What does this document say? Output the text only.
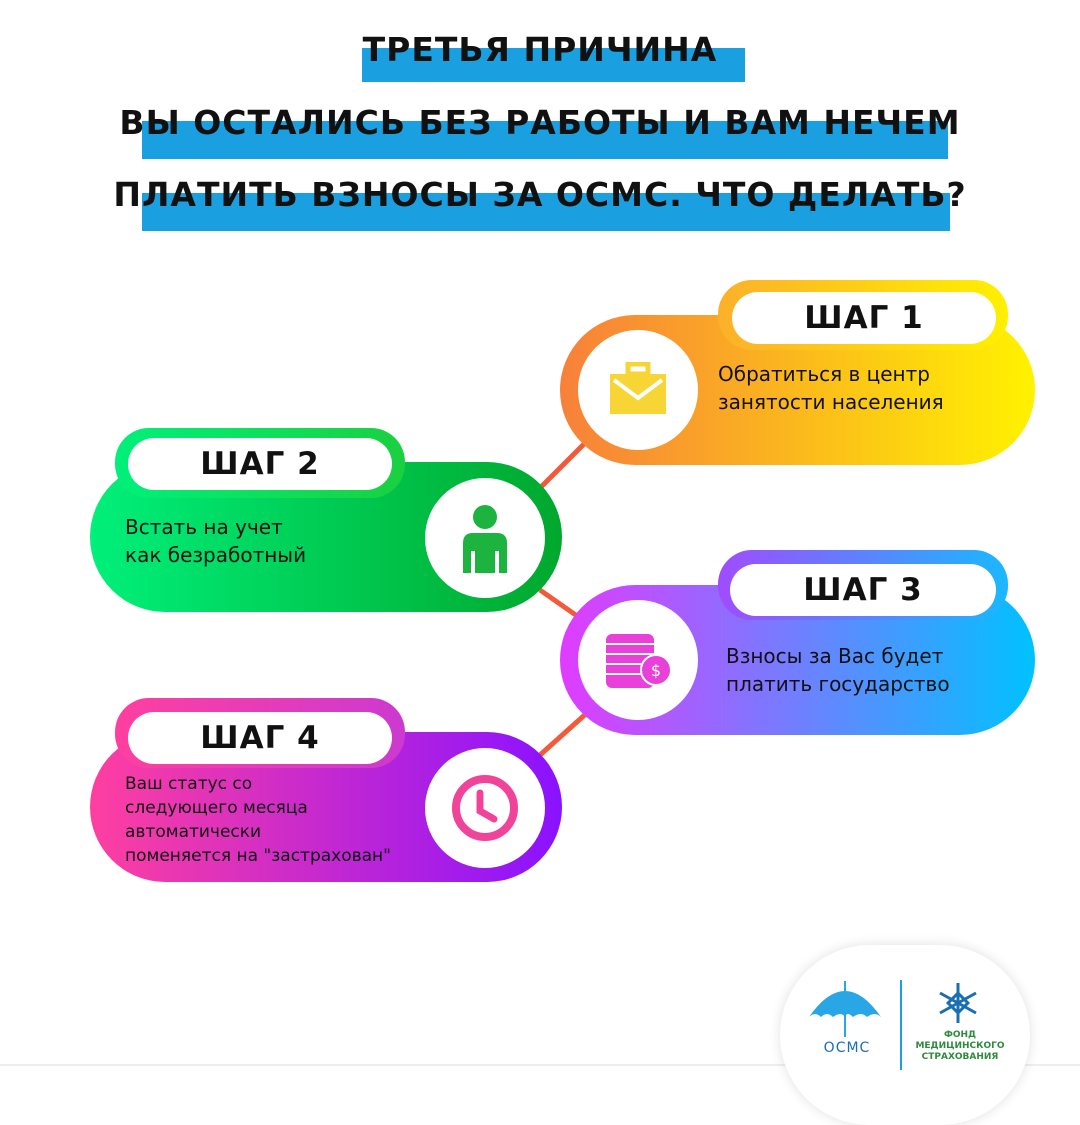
ТРЕТЬЯ ПРИЧИНА
ВЫ ОСТАЛИСЬ БЕЗ РАБОТЫ И ВАМ НЕЧЕМ
ПЛАТИТЬ ВЗНОСЫ ЗА ОСМС. ЧТО ДЕЛАТЬ?
ШАГ 1
Обратиться в центр
занятости населения
ШАГ 2
Встать на учет
как безработный
ШАГ 3
$
Взносы за Вас будет
платить государство
ШАГ 4
Ваш статус со
следующего месяца
автоматически
поменяется на "застрахован"
ОСМС
ФОНД
МЕДИЦИНСКОГО
СТРАХОВАНИЯ
